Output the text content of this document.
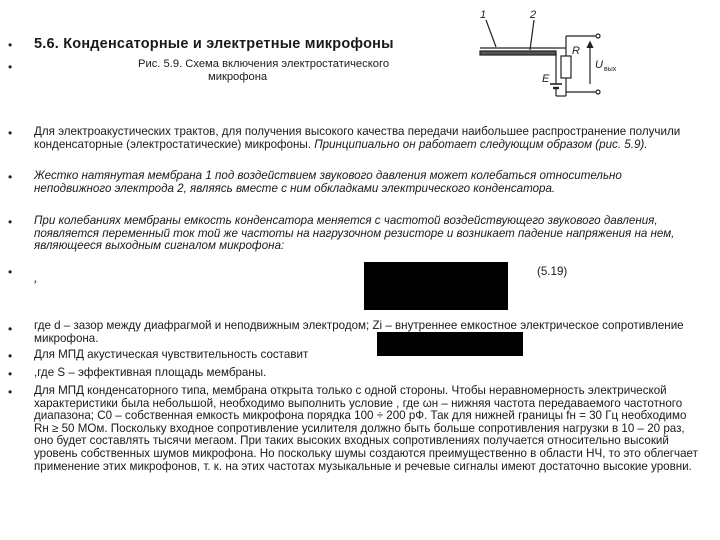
•
•
•
•
•
•
•
•
•
•
5.6. Конденсаторные и электретные микрофоны
Рис. 5.9. Схема включения электростатического
микрофона
1	2
R
E
U вых
Для электроакустических трактов, для получения высокого качества передачи наибольшее распространение получили конденсаторные (электростатические) микрофоны. Принципиально он работает следующим образом (рис. 5.9).
Жестко натянутая мембрана 1 под воздействием звукового давления может колебаться относительно неподвижного электрода 2, являясь вместе с ним обкладками электрического конденсатора.
При колебаниях мембраны емкость конденсатора меняется с частотой воздействующего звукового давления, появляется переменный ток той же частоты на нагрузочном резисторе и возникает падение напряжения на нем, являющееся выходным сигналом микрофона:
,	(5.19)
где d – зазор между диафрагмой и неподвижным электродом; Zi – внутреннее емкостное электрическое сопротивление микрофона.
Для МПД акустическая чувствительность составит
,где S – эффективная площадь мембраны.
Для МПД конденсаторного типа, мембрана открыта только с одной стороны. Чтобы неравномерность электрической характеристики была небольшой, необходимо выполнить условие , где ωн – нижняя частота передаваемого частотного диапазона; С0 – собственная емкость микрофона порядка 100 ÷ 200 рФ. Так для нижней границы fн = 30 Гц необходимо Rн ≥ 50 МОм. Поскольку входное сопротивление усилителя должно быть больше сопротивления нагрузки в 10 – 20 раз, оно будет составлять тысячи мегаом. При таких высоких входных сопротивлениях получается относительно высокий уровень собственных шумов микрофона. Но поскольку шумы создаются преимущественно в области НЧ, то это облегчает применение этих микрофонов, т. к. на этих частотах музыкальные и речевые сигналы имеют достаточно высокие уровни.
